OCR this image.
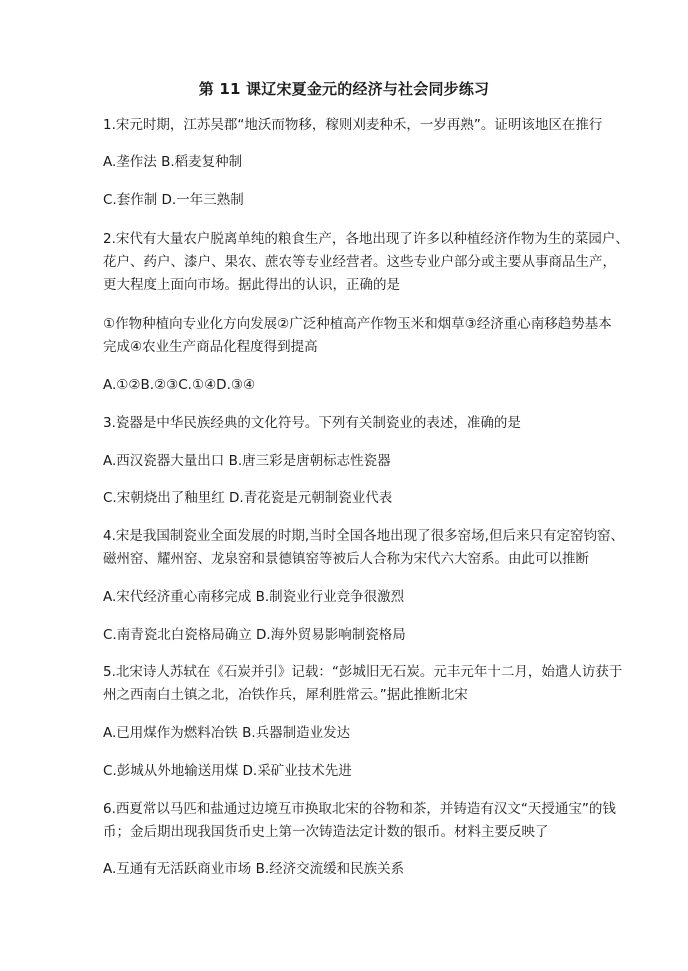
第 11 课辽宋夏金元的经济与社会同步练习
1.宋元时期，江苏吴郡“地沃而物移，稼则刈麦种禾，一岁再熟”。证明该地区在推行
A.垄作法 B.稻麦复种制
C.套作制 D.一年三熟制
2.宋代有大量农户脱离单纯的粮食生产，各地出现了许多以种植经济作物为生的菜园户、
花户、药户、漆户、果农、蔗农等专业经营者。这些专业户部分或主要从事商品生产，
更大程度上面向市场。据此得出的认识，正确的是
①作物种植向专业化方向发展②广泛种植高产作物玉米和烟草③经济重心南移趋势基本
完成④农业生产商品化程度得到提高
A.①②B.②③C.①④D.③④
3.瓷器是中华民族经典的文化符号。下列有关制瓷业的表述，准确的是
A.西汉瓷器大量出口 B.唐三彩是唐朝标志性瓷器
C.宋朝烧出了釉里红 D.青花瓷是元朝制瓷业代表
4.宋是我国制瓷业全面发展的时期,当时全国各地出现了很多窑场,但后来只有定窑钧窑、
磁州窑、耀州窑、龙泉窑和景德镇窑等被后人合称为宋代六大窑系。由此可以推断
A.宋代经济重心南移完成 B.制瓷业行业竞争很激烈
C.南青瓷北白瓷格局确立 D.海外贸易影响制瓷格局
5.北宋诗人苏轼在《石炭并引》记载：“彭城旧无石炭。元丰元年十二月，始遣人访获于
州之西南白土镇之北，冶铁作兵，犀利胜常云。”据此推断北宋
A.已用煤作为燃料冶铁 B.兵器制造业发达
C.彭城从外地输送用煤 D.采矿业技术先进
6.西夏常以马匹和盐通过边境互市换取北宋的谷物和茶，并铸造有汉文“天授通宝”的钱
币；金后期出现我国货币史上第一次铸造法定计数的银币。材料主要反映了
A.互通有无活跃商业市场 B.经济交流缓和民族关系
